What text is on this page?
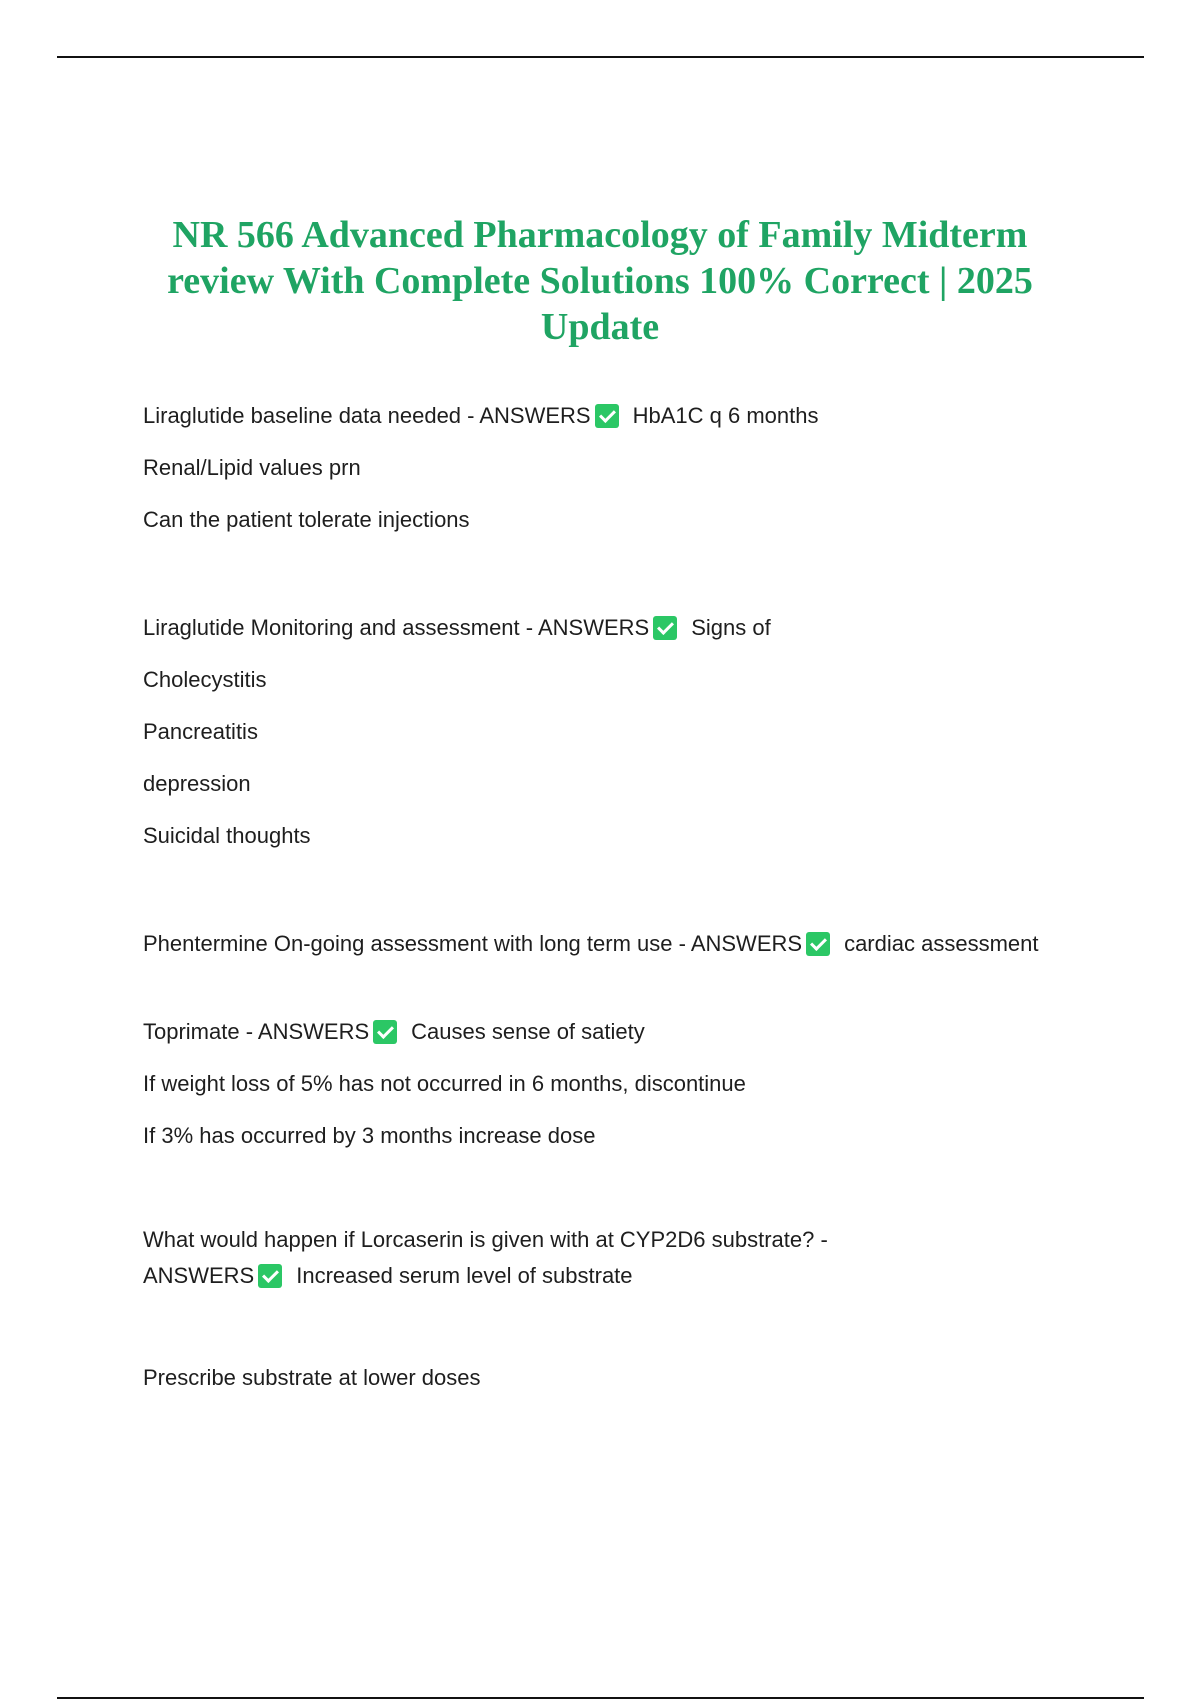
NR 566 Advanced Pharmacology of Family Midterm review With Complete Solutions 100% Correct | 2025 Update
Liraglutide baseline data needed - ANSWERS HbA1C q 6 months
Renal/Lipid values prn
Can the patient tolerate injections
Liraglutide Monitoring and assessment - ANSWERS Signs of
Cholecystitis
Pancreatitis
depression
Suicidal thoughts
Phentermine On-going assessment with long term use - ANSWERS cardiac assessment
Toprimate - ANSWERS Causes sense of satiety
If weight loss of 5% has not occurred in 6 months, discontinue
If 3% has occurred by 3 months increase dose
What would happen if Lorcaserin is given with at CYP2D6 substrate? - ANSWERS Increased serum level of substrate
Prescribe substrate at lower doses
